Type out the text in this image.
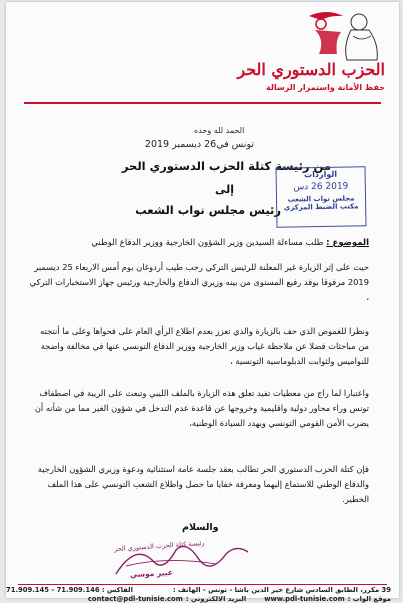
الحزب الدستوري الحر
حفظ الأمانة واستمرار الرسالة
الحمد لله وحده
تونس في26 ديسمبر 2019
من رئيسة كتلة الحزب الدستوري الحر
إلى
رئيس مجلس نواب الشعب
الواردات
2019 26 دس
مجلس نواب الشعب
مكتب الضبط المركزي
الموضوع : طلب مساءلة السيدين وزير الشؤون الخارجية ووزير الدفاع الوطني

حيث على إثر الزيارة غير المعلنة للرئيس التركي رجب طيب أردوغان يوم أمس الاربعاء 25 ديسمبر 2019 مرفوقا بوفد رفيع المستوى من بينه وزيري الدفاع والخارجية ورئيس جهاز الاستخبارات التركي ،

ونظرا للغموض الذي حف بالزيارة والذي تعزز بعدم اطلاع الرأي العام على فحواها وعلى ما أنتجته من مباحثات فضلا عن ملاحظة غياب وزير الخارجية ووزير الدفاع التونسي عنها في مخالفة واضحة للنواميس ولثوابت الدبلوماسية التونسية ،

واعتبارا لما راج من معطيات تفيد تعلق هذه الزيارة بالملف الليبي وتبعث على الريبة في اصطفاف تونس وراء محاور دولية واقليمية وخروجها عن قاعدة عدم التدخل في شؤون الغير مما من شأنه أن يضرب الأمن القومي التونسي ويهدد السيادة الوطنية،

فإن كتلة الحزب الدستوري الحر تطالب بعقد جلسة عامة استثنائية ودعوة وزيري الشؤون الخارجية والدفاع الوطني للاستماع إليهما ومعرفة خفايا ما حصل واطلاع الشعب التونسي على هذا الملف الخطير.

والسلام
رئيسة كتلة الحزب الدستوري الحر
عبير موسي
39 مكرر، الطابق السادس شارع خير الدين باشا - تونس - الهاتف :
71.909.145 - الفاكس : 71.909.146
موقع الواب :
www.pdl-tunisie.com
البريد الالكتروني :
contact@pdl-tunisie.com
